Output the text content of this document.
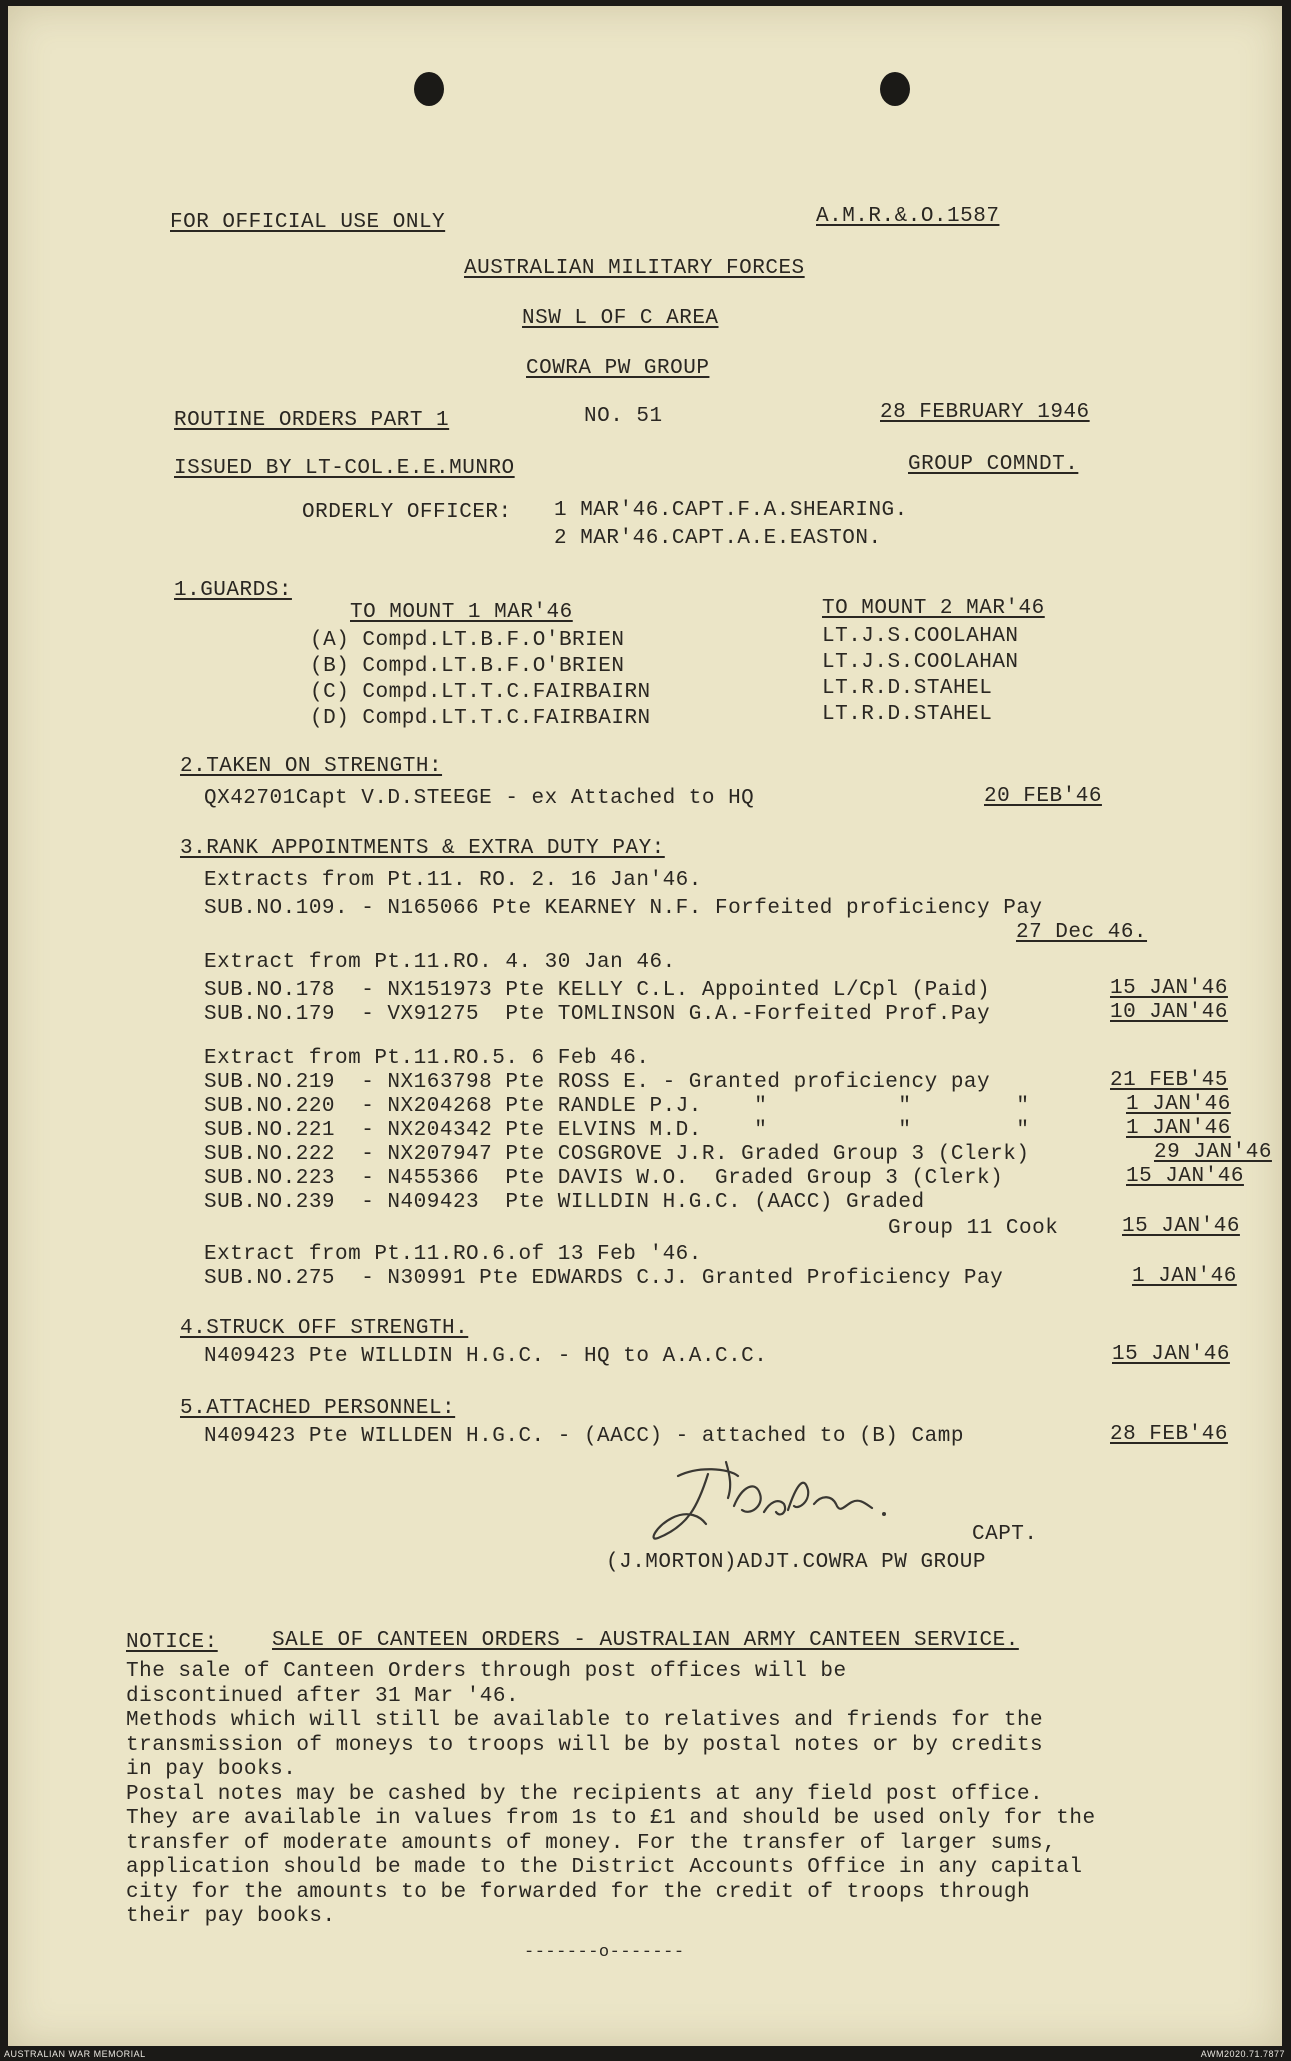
FOR OFFICIAL USE ONLY	A.M.R.&.O.1587
AUSTRALIAN MILITARY FORCES
NSW L OF C AREA
COWRA PW GROUP
ROUTINE ORDERS PART 1	NO. 51	28 FEBRUARY 1946
ISSUED BY LT-COL.E.E.MUNRO	GROUP COMNDT.
ORDERLY OFFICER: 1 MAR'46.CAPT.F.A.SHEARING.
2 MAR'46.CAPT.A.E.EASTON.
1.GUARDS:
TO MOUNT 1 MAR'46	TO MOUNT 2 MAR'46
(A) Compd.LT.B.F.O'BRIEN	LT.J.S.COOLAHAN
(B) Compd.LT.B.F.O'BRIEN	LT.J.S.COOLAHAN
(C) Compd.LT.T.C.FAIRBAIRN	LT.R.D.STAHEL
(D) Compd.LT.T.C.FAIRBAIRN	LT.R.D.STAHEL
2.TAKEN ON STRENGTH:
QX42701Capt V.D.STEEGE - ex Attached to HQ	20 FEB'46
3.RANK APPOINTMENTS & EXTRA DUTY PAY:
Extracts from Pt.11. RO. 2. 16 Jan'46.
SUB.NO.109. - N165066 Pte KEARNEY N.F. Forfeited proficiency Pay
27 Dec 46.
Extract from Pt.11.RO. 4. 30 Jan 46.
SUB.NO.178  - NX151973 Pte KELLY C.L. Appointed L/Cpl (Paid)	15 JAN'46
SUB.NO.179  - VX91275  Pte TOMLINSON G.A.-Forfeited Prof.Pay	10 JAN'46
Extract from Pt.11.RO.5. 6 Feb 46.
SUB.NO.219  - NX163798 Pte ROSS E. - Granted proficiency pay	21 FEB'45
SUB.NO.220  - NX204268 Pte RANDLE P.J.    "          "        "	1 JAN'46
SUB.NO.221  - NX204342 Pte ELVINS M.D.    "          "        "	1 JAN'46
SUB.NO.222  - NX207947 Pte COSGROVE J.R. Graded Group 3 (Clerk)	29 JAN'46
SUB.NO.223  - N455366  Pte DAVIS W.O.  Graded Group 3 (Clerk)	15 JAN'46
SUB.NO.239  - N409423  Pte WILLDIN H.G.C. (AACC) Graded
Group 11 Cook	15 JAN'46
Extract from Pt.11.RO.6.of 13 Feb '46.
SUB.NO.275  - N30991 Pte EDWARDS C.J. Granted Proficiency Pay	1 JAN'46
4.STRUCK OFF STRENGTH.
N409423 Pte WILLDIN H.G.C. - HQ to A.A.C.C.	15 JAN'46
5.ATTACHED PERSONNEL:
N409423 Pte WILLDEN H.G.C. - (AACC) - attached to (B) Camp	28 FEB'46
CAPT.
(J.MORTON)ADJT.COWRA PW GROUP
NOTICE:	SALE OF CANTEEN ORDERS - AUSTRALIAN ARMY CANTEEN SERVICE.
The sale of Canteen Orders through post offices will be
discontinued after 31 Mar '46.
Methods which will still be available to relatives and friends for the
transmission of moneys to troops will be by postal notes or by credits
in pay books.
Postal notes may be cashed by the recipients at any field post office.
They are available in values from 1s to £1 and should be used only for the
transfer of moderate amounts of money. For the transfer of larger sums,
application should be made to the District Accounts Office in any capital
city for the amounts to be forwarded for the credit of troops through
their pay books.
-------o-------
AUSTRALIAN WAR MEMORIAL	AWM2020.71.7877
